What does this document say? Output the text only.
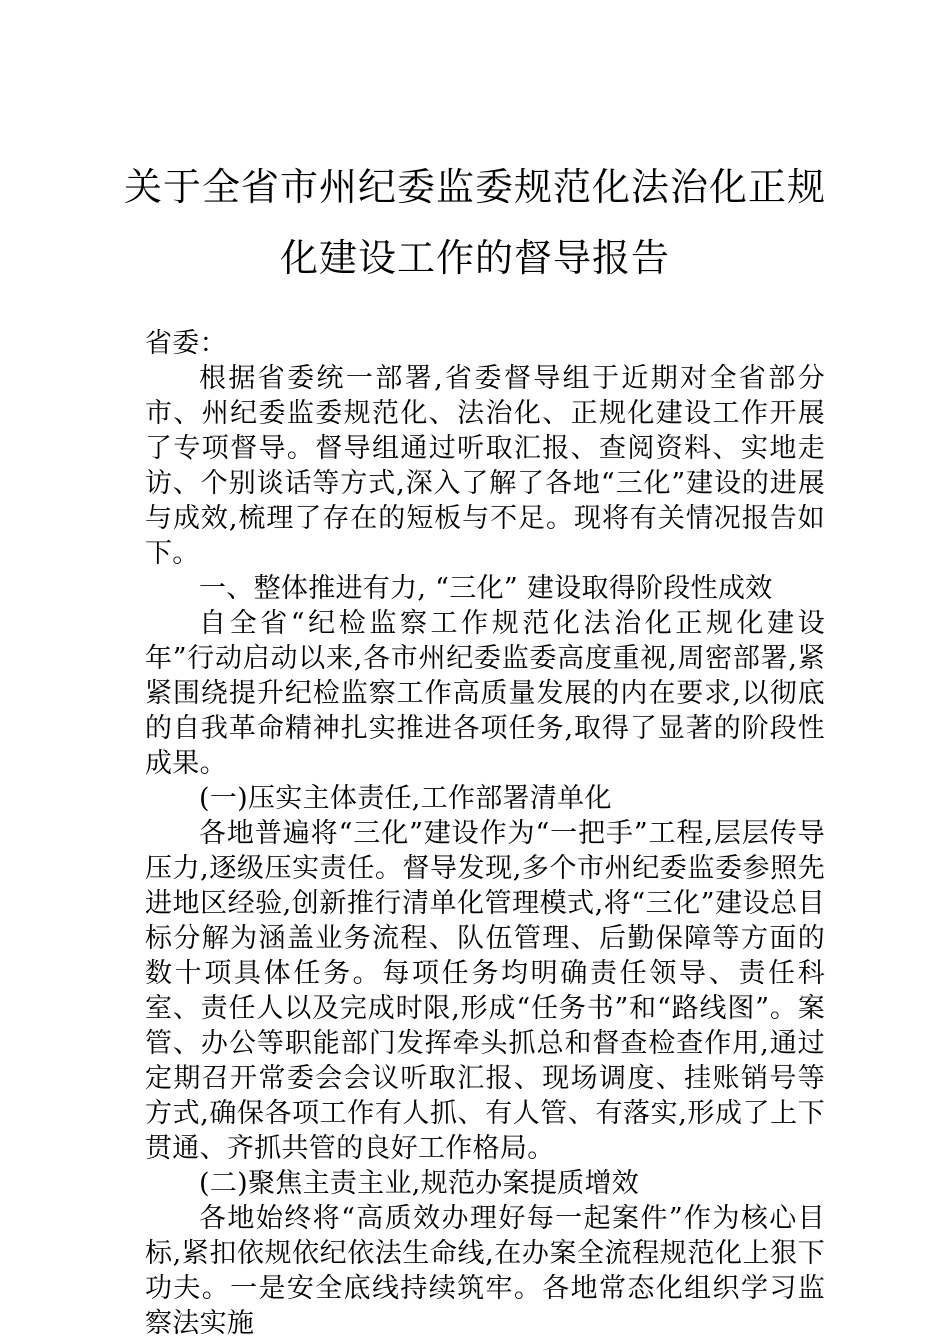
关于全省市州纪委监委规范化法治化正规
化建设工作的督导报告

省委：

根据省委统一部署,省委督导组于近期对全省部分市、州纪委监委规范化、法治化、正规化建设工作开展了专项督导。督导组通过听取汇报、查阅资料、实地走访、个别谈话等方式,深入了解了各地“三化”建设的进展与成效,梳理了存在的短板与不足。现将有关情况报告如下。

一、整体推进有力, “三化” 建设取得阶段性成效

自全省“纪检监察工作规范化法治化正规化建设年”行动启动以来,各市州纪委监委高度重视,周密部署,紧紧围绕提升纪检监察工作高质量发展的内在要求,以彻底的自我革命精神扎实推进各项任务,取得了显著的阶段性成果。

(一)压实主体责任,工作部署清单化

各地普遍将“三化”建设作为“一把手”工程,层层传导压力,逐级压实责任。督导发现,多个市州纪委监委参照先进地区经验,创新推行清单化管理模式,将“三化”建设总目标分解为涵盖业务流程、队伍管理、后勤保障等方面的数十项具体任务。每项任务均明确责任领导、责任科室、责任人以及完成时限,形成“任务书”和“路线图”。案管、办公等职能部门发挥牵头抓总和督查检查作用,通过定期召开常委会会议听取汇报、现场调度、挂账销号等方式,确保各项工作有人抓、有人管、有落实,形成了上下贯通、齐抓共管的良好工作格局。

(二)聚焦主责主业,规范办案提质增效

各地始终将“高质效办理好每一起案件”作为核心目标,紧扣依规依纪依法生命线,在办案全流程规范化上狠下功夫。一是安全底线持续筑牢。各地常态化组织学习监察法实施
